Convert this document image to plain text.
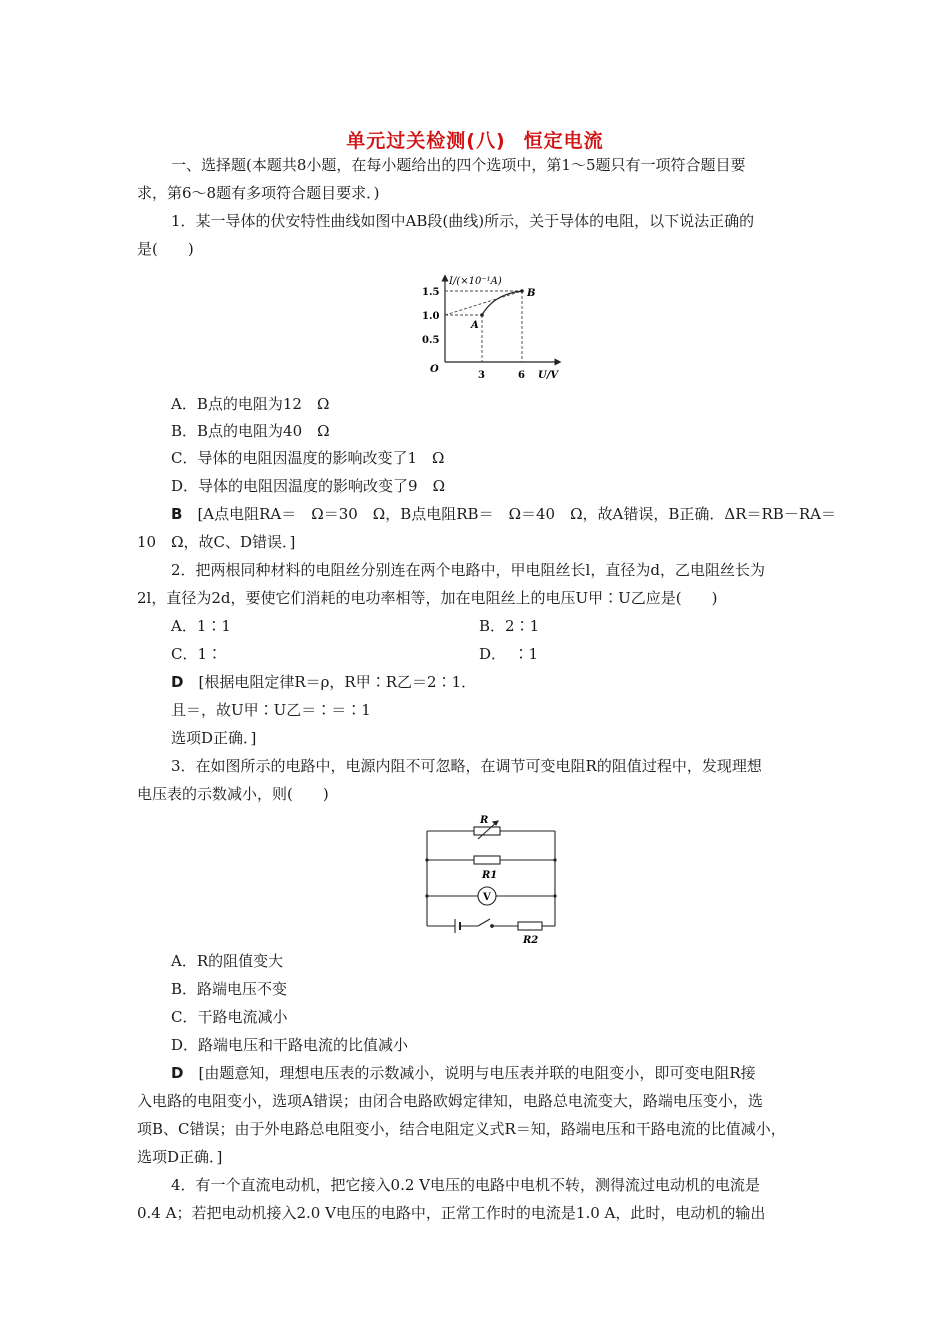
单元过关检测(八) 恒定电流
一、选择题(本题共8小题，在每小题给出的四个选项中，第1～5题只有一项符合题目要
求，第6～8题有多项符合题目要求．)
1．某一导体的伏安特性曲线如图中AB段(曲线)所示，关于导体的电阻，以下说法正确的
是(　　)
I/(×10⁻¹A)
U/V
O
1.5
1.0
0.5
3	6
A
B
A．B点的电阻为12　Ω
B．B点的电阻为40　Ω
C．导体的电阻因温度的影响改变了1　Ω
D．导体的电阻因温度的影响改变了9　Ω
B　 [A点电阻RA＝　Ω＝30　Ω，B点电阻RB＝　Ω＝40　Ω，故A错误，B正确．ΔR＝RB－RA＝
10　Ω，故C、D错误．]
2．把两根同种材料的电阻丝分别连在两个电路中，甲电阻丝长l，直径为d，乙电阻丝长为
2l，直径为2d，要使它们消耗的电功率相等，加在电阻丝上的电压U甲∶U乙应是(　　)
A．1∶1	B．2∶1
C．1∶	D．　∶1
D　 [根据电阻定律R＝ρ，R甲∶R乙＝2∶1．
且＝，故U甲∶U乙＝∶＝∶1
选项D正确．]
3．在如图所示的电路中，电源内阻不可忽略，在调节可变电阻R的阻值过程中，发现理想
电压表的示数减小，则(　　)
R
R1
V
R2
A．R的阻值变大
B．路端电压不变
C．干路电流减小
D．路端电压和干路电流的比值减小
D　 [由题意知，理想电压表的示数减小，说明与电压表并联的电阻变小，即可变电阻R接
入电路的电阻变小，选项A错误；由闭合电路欧姆定律知，电路总电流变大，路端电压变小，选
项B、C错误；由于外电路总电阻变小，结合电阻定义式R＝知，路端电压和干路电流的比值减小，
选项D正确．]
4．有一个直流电动机，把它接入0.2 V电压的电路中电机不转，测得流过电动机的电流是
0.4 A；若把电动机接入2.0 V电压的电路中，正常工作时的电流是1.0 A，此时，电动机的输出
